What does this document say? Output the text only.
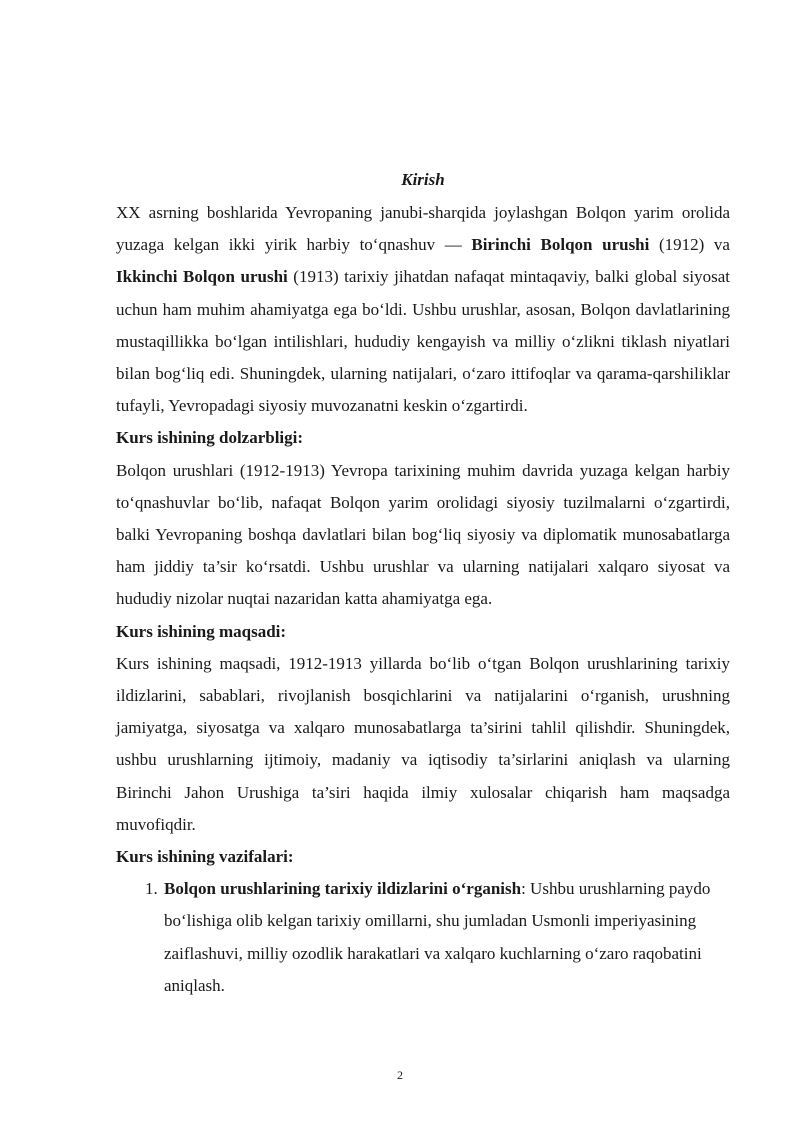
Kirish

XX asrning boshlarida Yevropaning janubi-sharqida joylashgan Bolqon yarim orolida yuzaga kelgan ikki yirik harbiy to‘qnashuv — Birinchi Bolqon urushi (1912) va Ikkinchi Bolqon urushi (1913) tarixiy jihatdan nafaqat mintaqaviy, balki global siyosat uchun ham muhim ahamiyatga ega bo‘ldi. Ushbu urushlar, asosan, Bolqon davlatlarining mustaqillikka bo‘lgan intilishlari, hududiy kengayish va milliy o‘zlikni tiklash niyatlari bilan bog‘liq edi. Shuningdek, ularning natijalari, o‘zaro ittifoqlar va qarama-qarshiliklar tufayli, Yevropadagi siyosiy muvozanatni keskin o‘zgartirdi.

Kurs ishining dolzarbligi:

Bolqon urushlari (1912-1913) Yevropa tarixining muhim davrida yuzaga kelgan harbiy to‘qnashuvlar bo‘lib, nafaqat Bolqon yarim orolidagi siyosiy tuzilmalarni o‘zgartirdi, balki Yevropaning boshqa davlatlari bilan bog‘liq siyosiy va diplomatik munosabatlarga ham jiddiy ta’sir ko‘rsatdi. Ushbu urushlar va ularning natijalari xalqaro siyosat va hududiy nizolar nuqtai nazaridan katta ahamiyatga ega.

Kurs ishining maqsadi:

Kurs ishining maqsadi, 1912-1913 yillarda bo‘lib o‘tgan Bolqon urushlarining tarixiy ildizlarini, sabablari, rivojlanish bosqichlarini va natijalarini o‘rganish, urushning jamiyatga, siyosatga va xalqaro munosabatlarga ta’sirini tahlil qilishdir. Shuningdek, ushbu urushlarning ijtimoiy, madaniy va iqtisodiy ta’sirlarini aniqlash va ularning Birinchi Jahon Urushiga ta’siri haqida ilmiy xulosalar chiqarish ham maqsadga muvofiqdir.

Kurs ishining vazifalari:
1. Bolqon urushlarining tarixiy ildizlarini o‘rganish: Ushbu urushlarning paydo bo‘lishiga olib kelgan tarixiy omillarni, shu jumladan Usmonli imperiyasining zaiflashuvi, milliy ozodlik harakatlari va xalqaro kuchlarning o‘zaro raqobatini aniqlash.
2
